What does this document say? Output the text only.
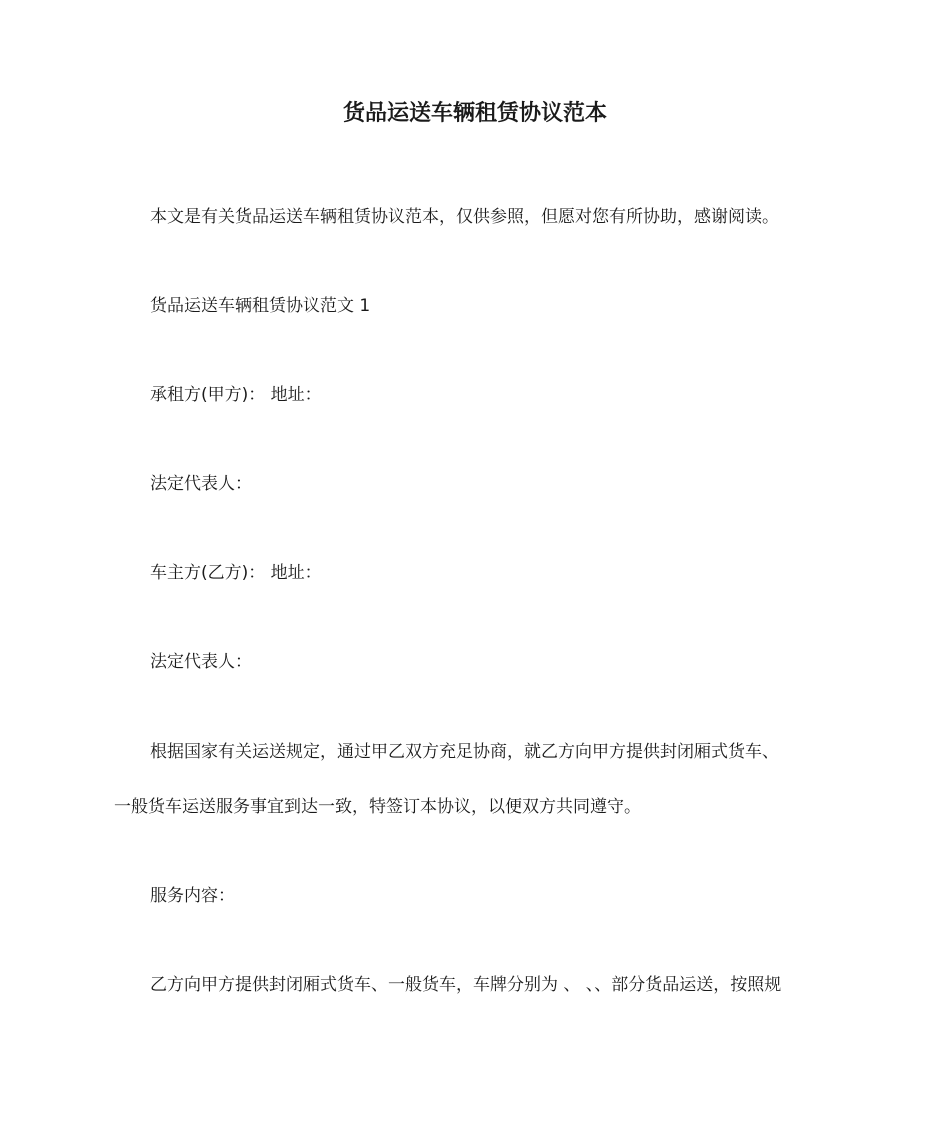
货品运送车辆租赁协议范本
本文是有关货品运送车辆租赁协议范本，仅供参照，但愿对您有所协助，感谢阅读。
货品运送车辆租赁协议范文 1
承租方(甲方)： 地址：
法定代表人：
车主方(乙方)： 地址：
法定代表人：
根据国家有关运送规定，通过甲乙双方充足协商，就乙方向甲方提供封闭厢式货车、
一般货车运送服务事宜到达一致，特签订本协议，以便双方共同遵守。
服务内容：
乙方向甲方提供封闭厢式货车、一般货车，车牌分别为 、 、、部分货品运送，按照规
